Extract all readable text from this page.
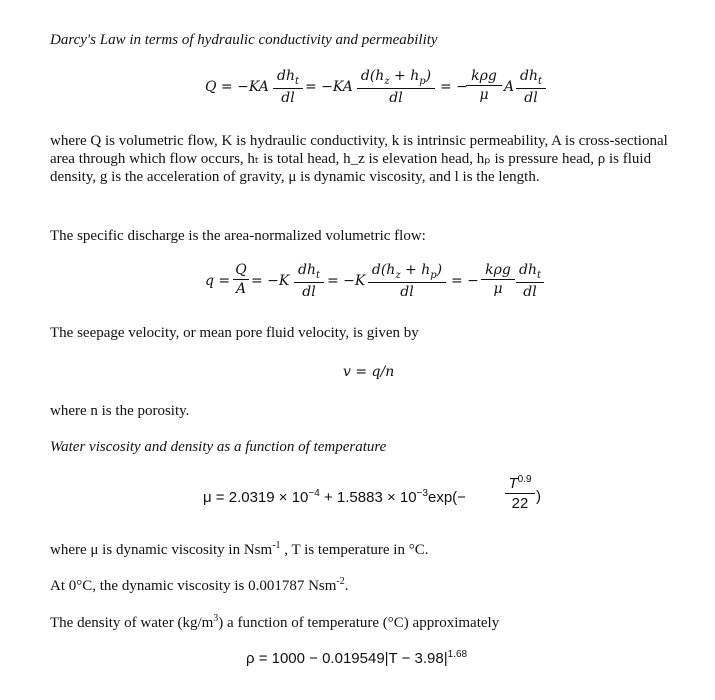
Darcy's Law in terms of hydraulic conductivity and permeability
Q = −KA
$dh_t$
dl
= −KA
$d(h_z + h_p)$
dl
= −
kρg
μ	A
$dh_t$
dl
where Q is volumetric flow, K is hydraulic conductivity, k is intrinsic permeability, A is cross-sectional area through which flow occurs, hₜ is total head, h_z is elevation head, hₚ is pressure head, ρ is fluid density, g is the acceleration of gravity, μ is dynamic viscosity, and l is the length.
The specific discharge is the area-normalized volumetric flow:
q =
Q
A = −K
$dh_t$
dl
= −K
$d(h_z + h_p)$
dl
= −
kρg
μ
$dh_t$
dl
The seepage velocity, or mean pore fluid velocity, is given by
v = q/n
where n is the porosity.
Water viscosity and density as a function of temperature
$\mu = 2.0319 \times 10^{-4} + 1.5883 \times 10^{-3}\exp(-$
$T^{0.9}$
22 )
where μ is dynamic viscosity in Nsm$^{-1}$ , T is temperature in °C.
At 0°C, the dynamic viscosity is 0.001787 Nsm$^{-2}$.
The density of water $(kg/m^3)$ a function of temperature (°C) approximately
$\rho = 1000 - 0.019549|T - 3.98|^{1.68}$
